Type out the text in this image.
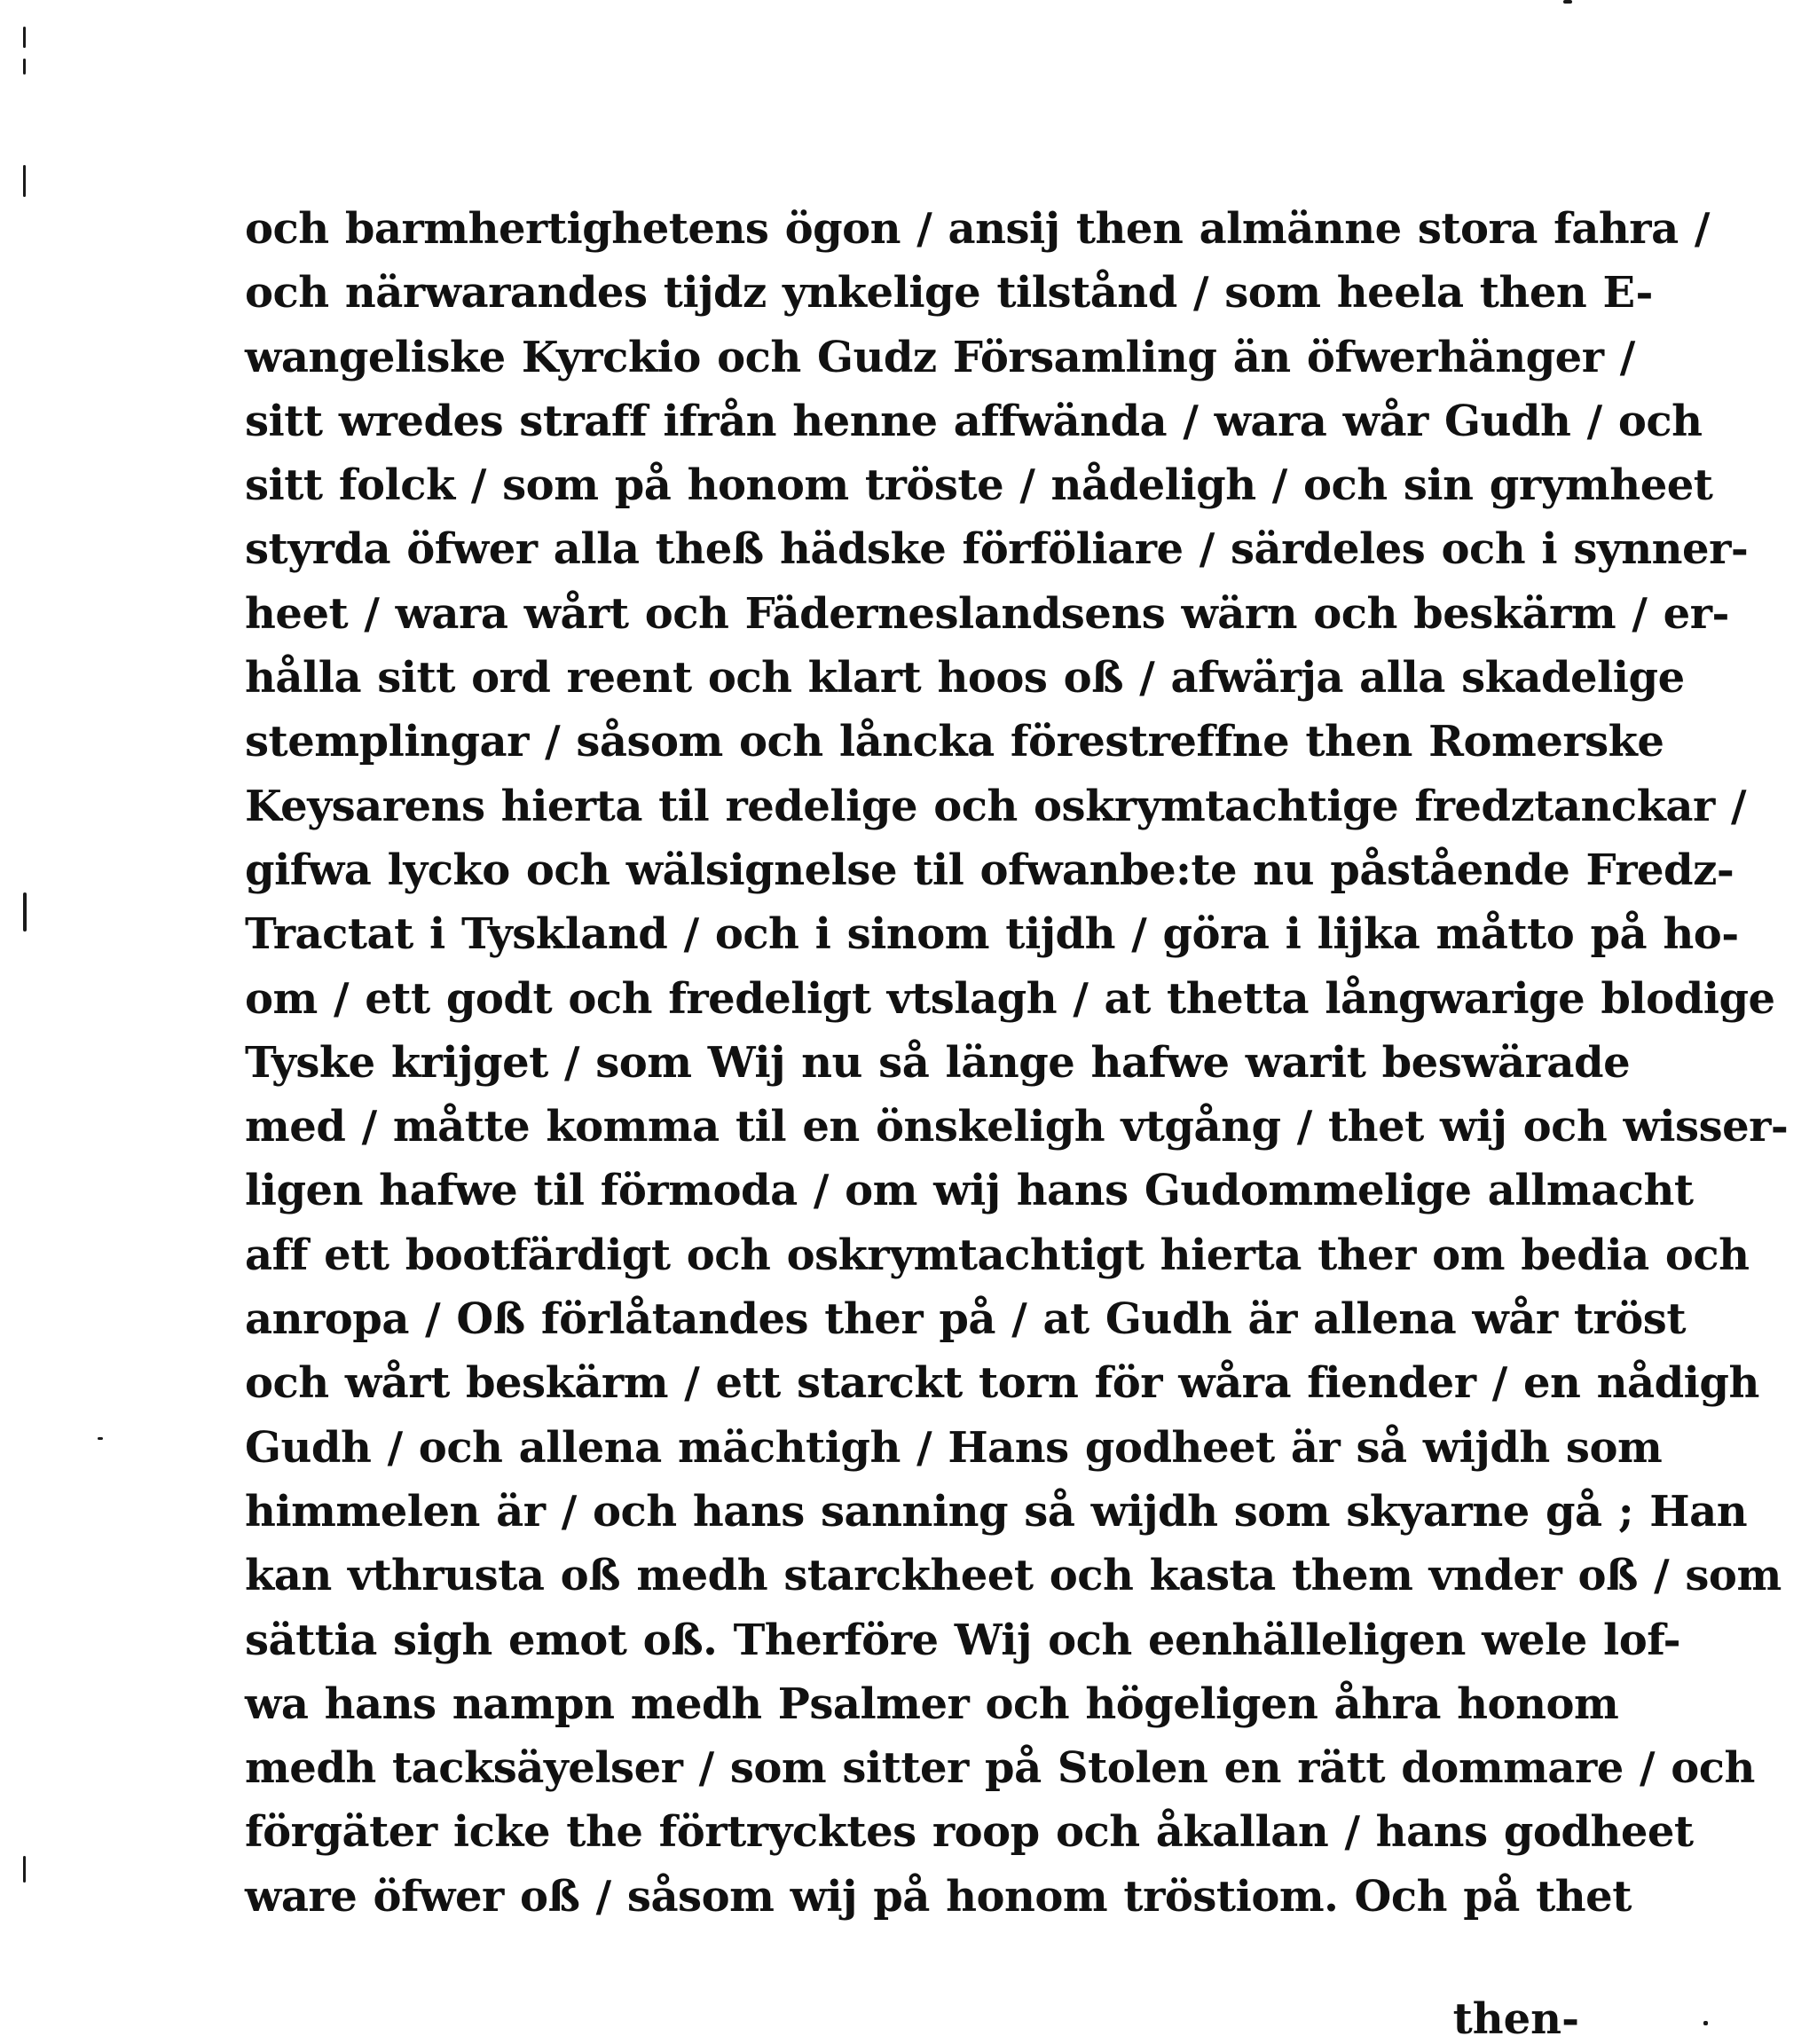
och barmhertighetens ögon / ansij then almänne stora fahra /
och närwarandes tijdz ynkelige tilstånd / som heela then E-
wangeliske Kyrckio och Gudz Församling än öfwerhänger /
sitt wredes straff ifrån henne affwända / wara wår Gudh / och
sitt folck / som på honom tröste / nådeligh / och sin grymheet
styrda öfwer alla theß hädske förföliare / särdeles och i synner-
heet / wara wårt och Fäderneslandsens wärn och beskärm / er-
hålla sitt ord reent och klart hoos oß / afwärja alla skadelige
stemplingar / såsom och låncka förestreffne then Romerske
Keysarens hierta til redelige och oskrymtachtige fredztanckar /
gifwa lycko och wälsignelse til ofwanbe:te nu påstående Fredz-
Tractat i Tyskland / och i sinom tijdh / göra i lijka måtto på ho-
om / ett godt och fredeligt vtslagh / at thetta långwarige blodige
Tyske krijget / som Wij nu så länge hafwe warit beswärade
med / måtte komma til en önskeligh vtgång / thet wij och wisser-
ligen hafwe til förmoda / om wij hans Gudommelige allmacht
aff ett bootfärdigt och oskrymtachtigt hierta ther om bedia och
anropa / Oß förlåtandes ther på / at Gudh är allena wår tröst
och wårt beskärm / ett starckt torn för wåra fiender / en nådigh
Gudh / och allena mächtigh / Hans godheet är så wijdh som
himmelen är / och hans sanning så wijdh som skyarne gå ; Han
kan vthrusta oß medh starckheet och kasta them vnder oß / som
sättia sigh emot oß. Therföre Wij och eenhälleligen wele lof-
wa hans nampn medh Psalmer och högeligen åhra honom
medh tacksäyelser / som sitter på Stolen en rätt dommare / och
förgäter icke the förtrycktes roop och åkallan / hans godheet
ware öfwer oß / såsom wij på honom tröstiom. Och på thet
then-
